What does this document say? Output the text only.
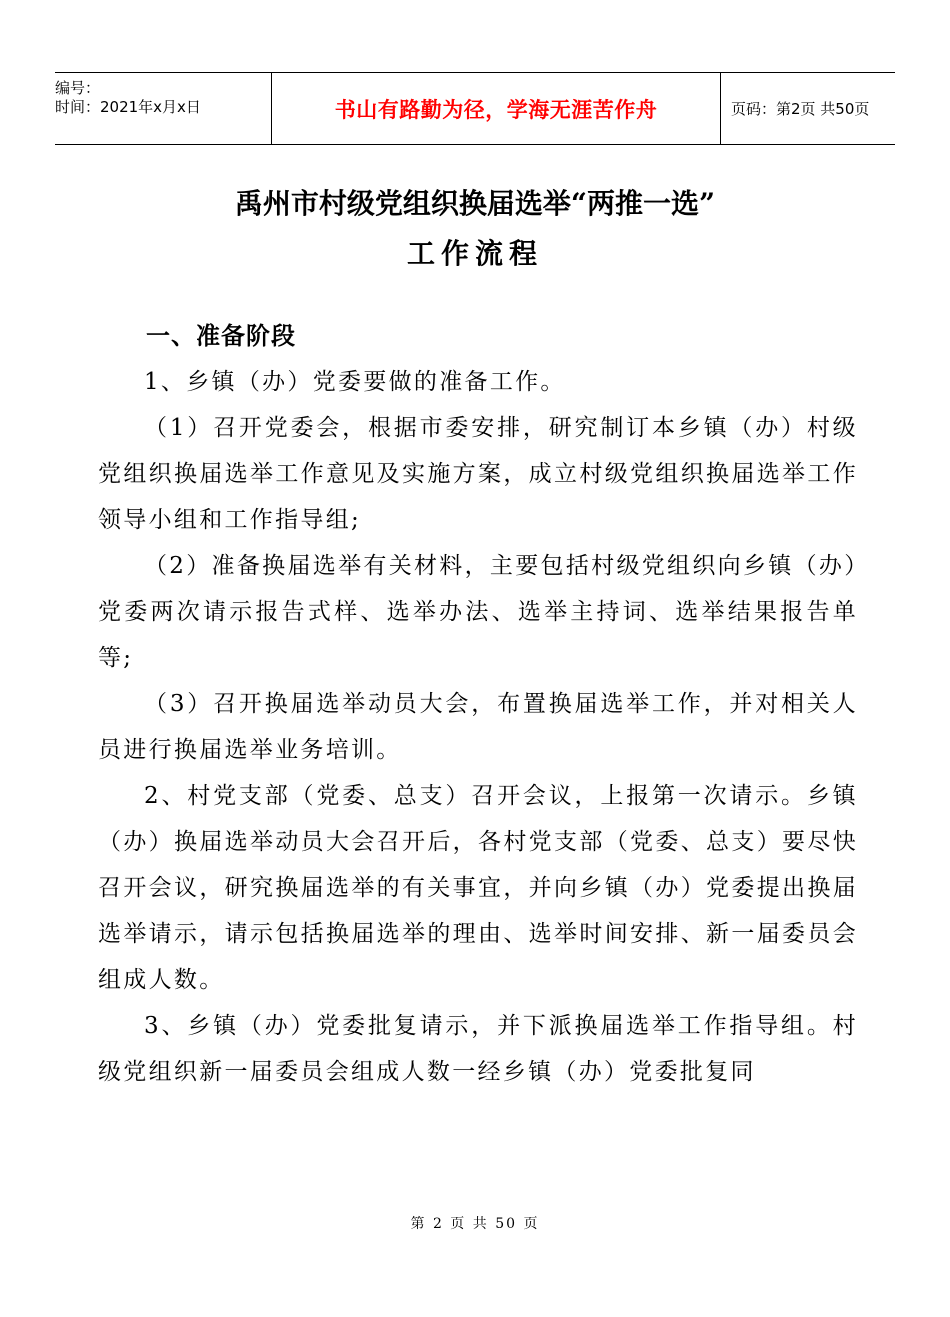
编号：
时间：2021年x月x日	书山有路勤为径，学海无涯苦作舟	页码：第2页 共50页
禹州市村级党组织换届选举“两推一选”
工作流程
一、准备阶段

1、乡镇（办）党委要做的准备工作。

（1）召开党委会，根据市委安排，研究制订本乡镇（办）村级党组织换届选举工作意见及实施方案，成立村级党组织换届选举工作领导小组和工作指导组;

（2）准备换届选举有关材料，主要包括村级党组织向乡镇（办）党委两次请示报告式样、选举办法、选举主持词、选举结果报告单等;

（3）召开换届选举动员大会，布置换届选举工作，并对相关人员进行换届选举业务培训。

2、村党支部（党委、总支）召开会议，上报第一次请示。乡镇（办）换届选举动员大会召开后，各村党支部（党委、总支）要尽快召开会议，研究换届选举的有关事宜，并向乡镇（办）党委提出换届选举请示，请示包括换届选举的理由、选举时间安排、新一届委员会组成人数。

3、乡镇（办）党委批复请示，并下派换届选举工作指导组。村级党组织新一届委员会组成人数一经乡镇（办）党委批复同

第 2 页 共 50 页
